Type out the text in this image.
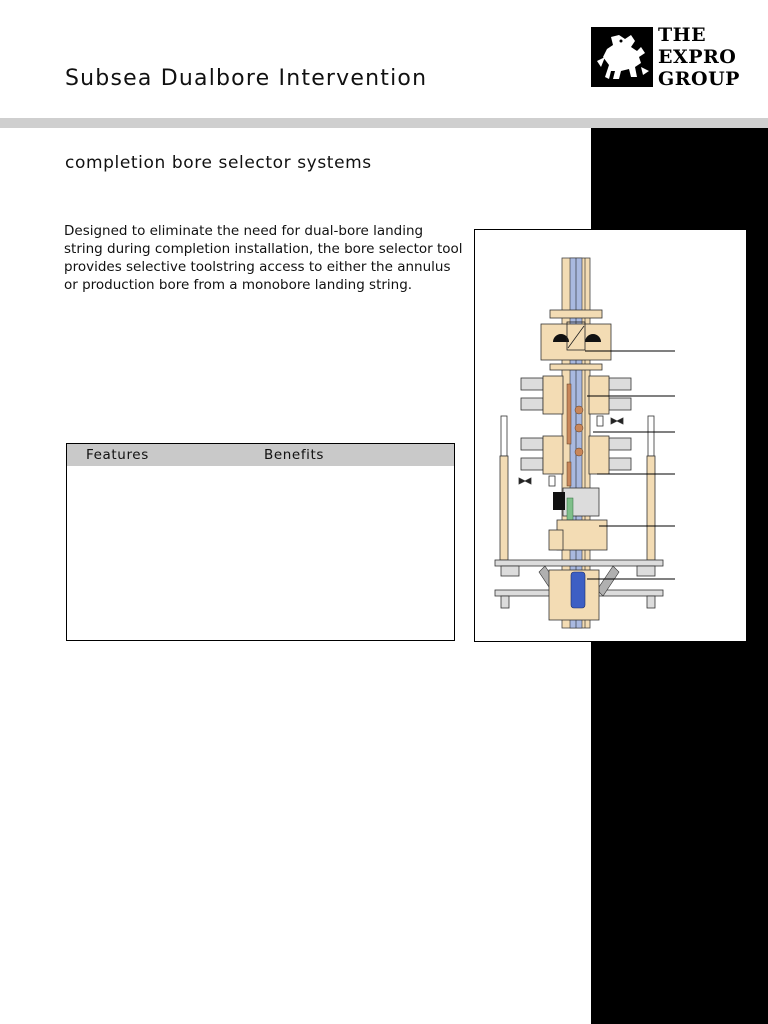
Subsea Dualbore Intervention
THE
EXPRO
GROUP
completion bore selector systems
Designed to eliminate the need for dual-bore landing string during completion installation, the bore selector tool provides selective toolstring access to either the annulus or production bore from a monobore landing string.
Features	Benefits
